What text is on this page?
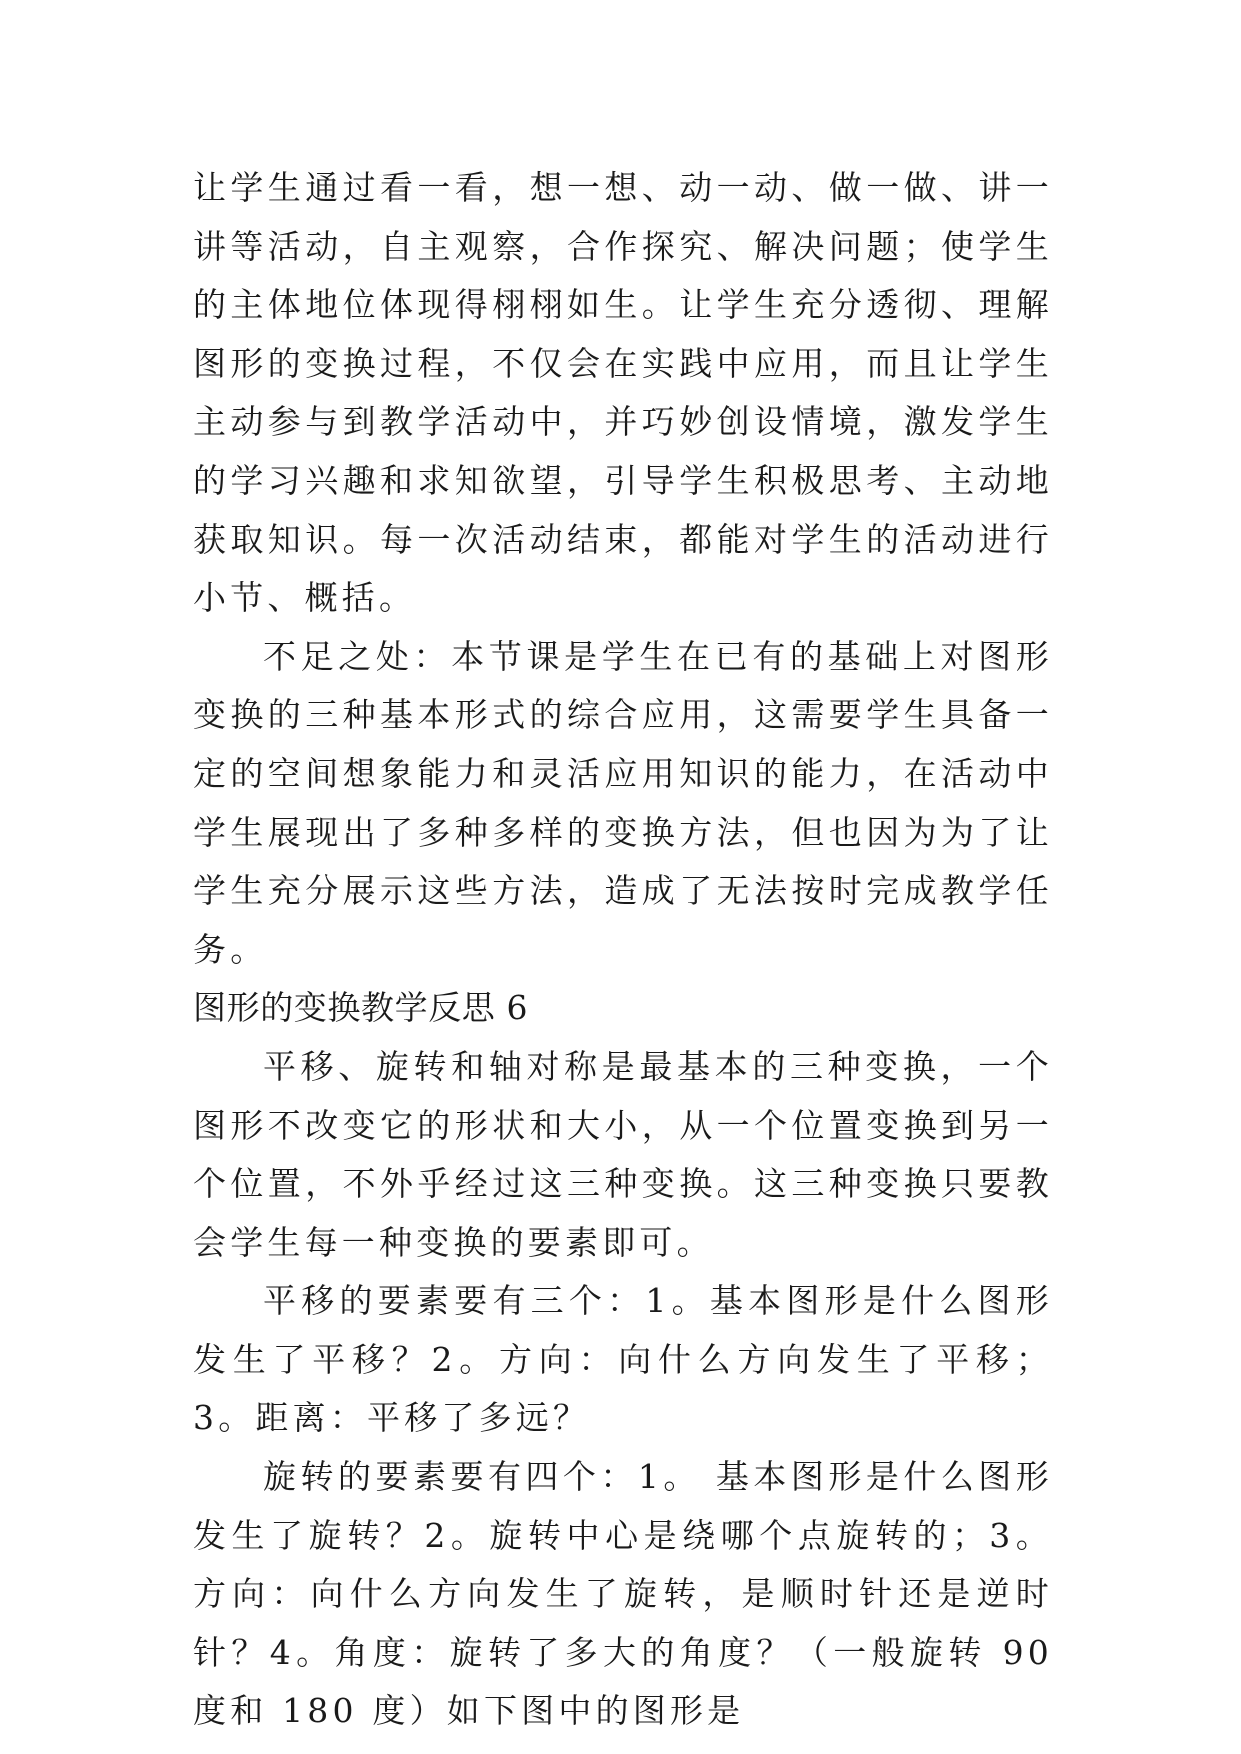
让学生通过看一看，想一想、动一动、做一做、讲一讲等活动，自主观察，合作探究、解决问题；使学生的主体地位体现得栩栩如生。让学生充分透彻、理解图形的变换过程，不仅会在实践中应用，而且让学生主动参与到教学活动中，并巧妙创设情境，激发学生的学习兴趣和求知欲望，引导学生积极思考、主动地获取知识。每一次活动结束，都能对学生的活动进行小节、概括。

不足之处：本节课是学生在已有的基础上对图形变换的三种基本形式的综合应用，这需要学生具备一定的空间想象能力和灵活应用知识的能力，在活动中学生展现出了多种多样的变换方法，但也因为为了让学生充分展示这些方法，造成了无法按时完成教学任务。

图形的变换教学反思 6

平移、旋转和轴对称是最基本的三种变换，一个图形不改变它的形状和大小，从一个位置变换到另一个位置，不外乎经过这三种变换。这三种变换只要教会学生每一种变换的要素即可。

平移的要素要有三个：1。基本图形是什么图形发生了平移？2。方向：向什么方向发生了平移；3。距离：平移了多远？

旋转的要素要有四个：1。 基本图形是什么图形发生了旋转？2。旋转中心是绕哪个点旋转的；3。方向：向什么方向发生了旋转，是顺时针还是逆时针？4。角度：旋转了多大的角度？（一般旋转 90 度和 180 度）如下图中的图形是
